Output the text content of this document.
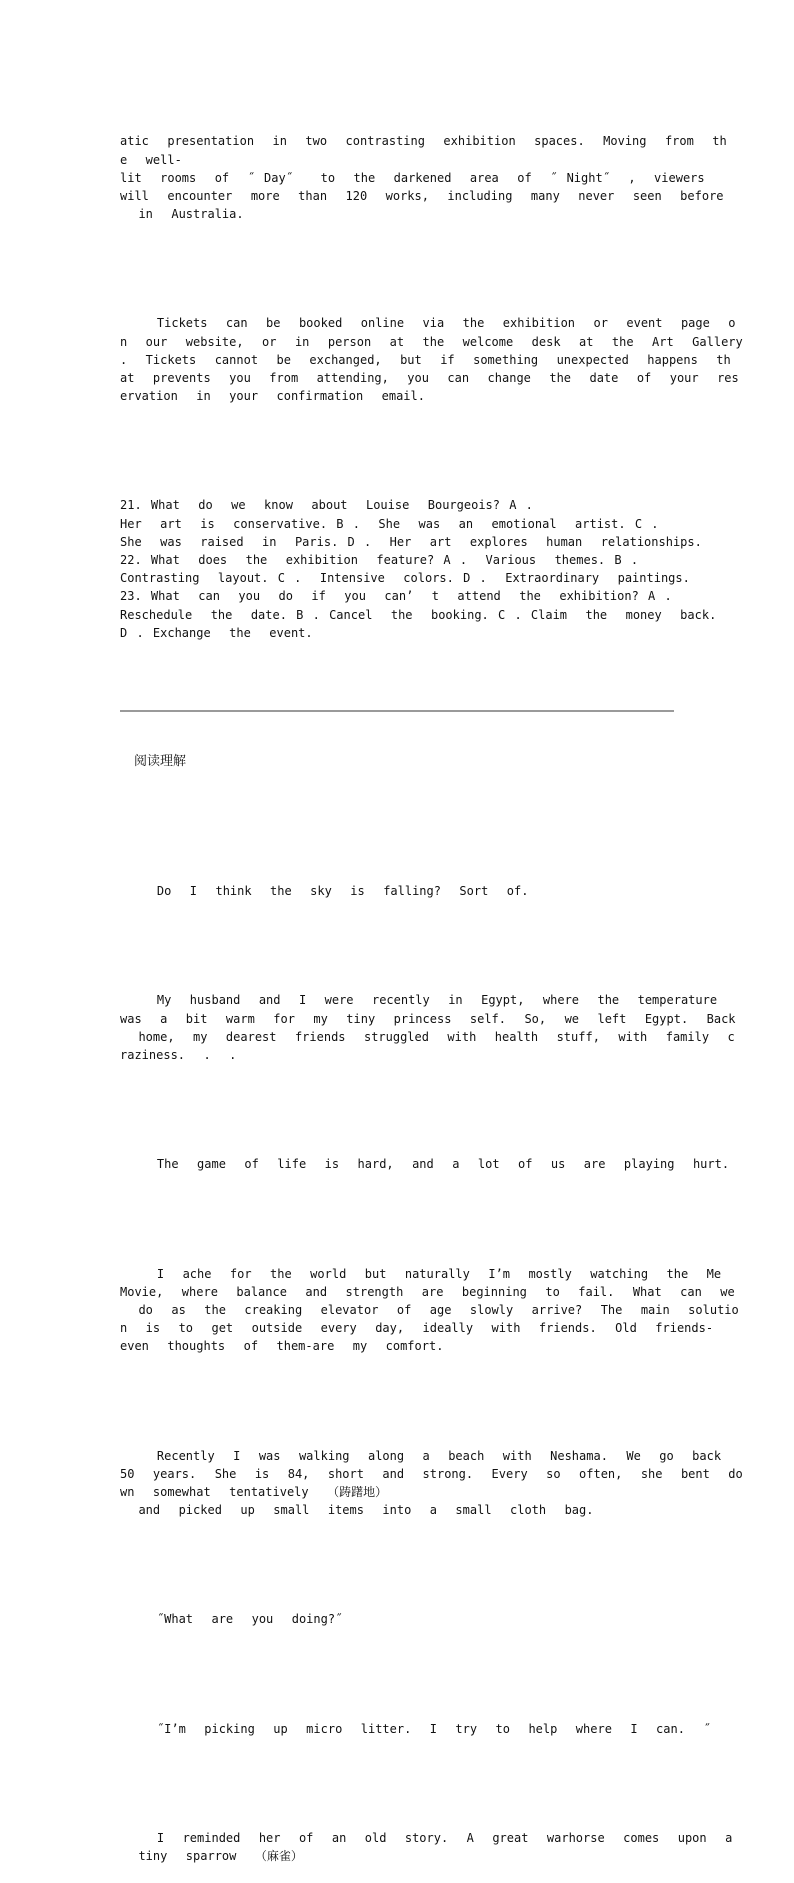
atic  presentation  in  two  contrasting  exhibition  spaces.  Moving  from  th
e  well-
lit  rooms  of  ˝ Day˝   to  the  darkened  area  of  ˝ Night˝  ,  viewers
will  encounter  more  than  120  works,  including  many  never  seen  before
in  Australia.

Tickets  can  be  booked  online  via  the  exhibition  or  event  page  o
n  our  website,  or  in  person  at  the  welcome  desk  at  the  Art  Gallery
.  Tickets  cannot  be  exchanged,  but  if  something  unexpected  happens  th
at  prevents  you  from  attending,  you  can  change  the  date  of  your  res
ervation  in  your  confirmation  email.

21. What  do  we  know  about  Louise  Bourgeois? A .
Her  art  is  conservative. B .  She  was  an  emotional  artist. C .
She  was  raised  in  Paris. D .  Her  art  explores  human  relationships.
22. What  does  the  exhibition  feature? A .  Various  themes. B .
Contrasting  layout. C .  Intensive  colors. D .  Extraordinary  paintings.
23. What  can  you  do  if  you  can’  t  attend  the  exhibition? A .
Reschedule  the  date. B . Cancel  the  booking. C . Claim  the  money  back.
D . Exchange  the  event.

阅读理解

Do  I  think  the  sky  is  falling?  Sort  of.

My  husband  and  I  were  recently  in  Egypt,  where  the  temperature
was  a  bit  warm  for  my  tiny  princess  self.  So,  we  left  Egypt.  Back
home,  my  dearest  friends  struggled  with  health  stuff,  with  family  c
raziness.  .  .

The  game  of  life  is  hard,  and  a  lot  of  us  are  playing  hurt.

I  ache  for  the  world  but  naturally  I’m  mostly  watching  the  Me
Movie,  where  balance  and  strength  are  beginning  to  fail.  What  can  we
do  as  the  creaking  elevator  of  age  slowly  arrive?  The  main  solutio
n  is  to  get  outside  every  day,  ideally  with  friends.  Old  friends-
even  thoughts  of  them-are  my  comfort.

Recently  I  was  walking  along  a  beach  with  Neshama.  We  go  back
50  years.  She  is  84,  short  and  strong.  Every  so  often,  she  bent  do
wn  somewhat  tentatively  （踌躇地）
and  picked  up  small  items  into  a  small  cloth  bag.

˝What  are  you  doing?˝

˝I’m  picking  up  micro  litter.  I  try  to  help  where  I  can.  ˝

I  reminded  her  of  an  old  story.  A  great  warhorse  comes  upon  a
tiny  sparrow  （麻雀）
